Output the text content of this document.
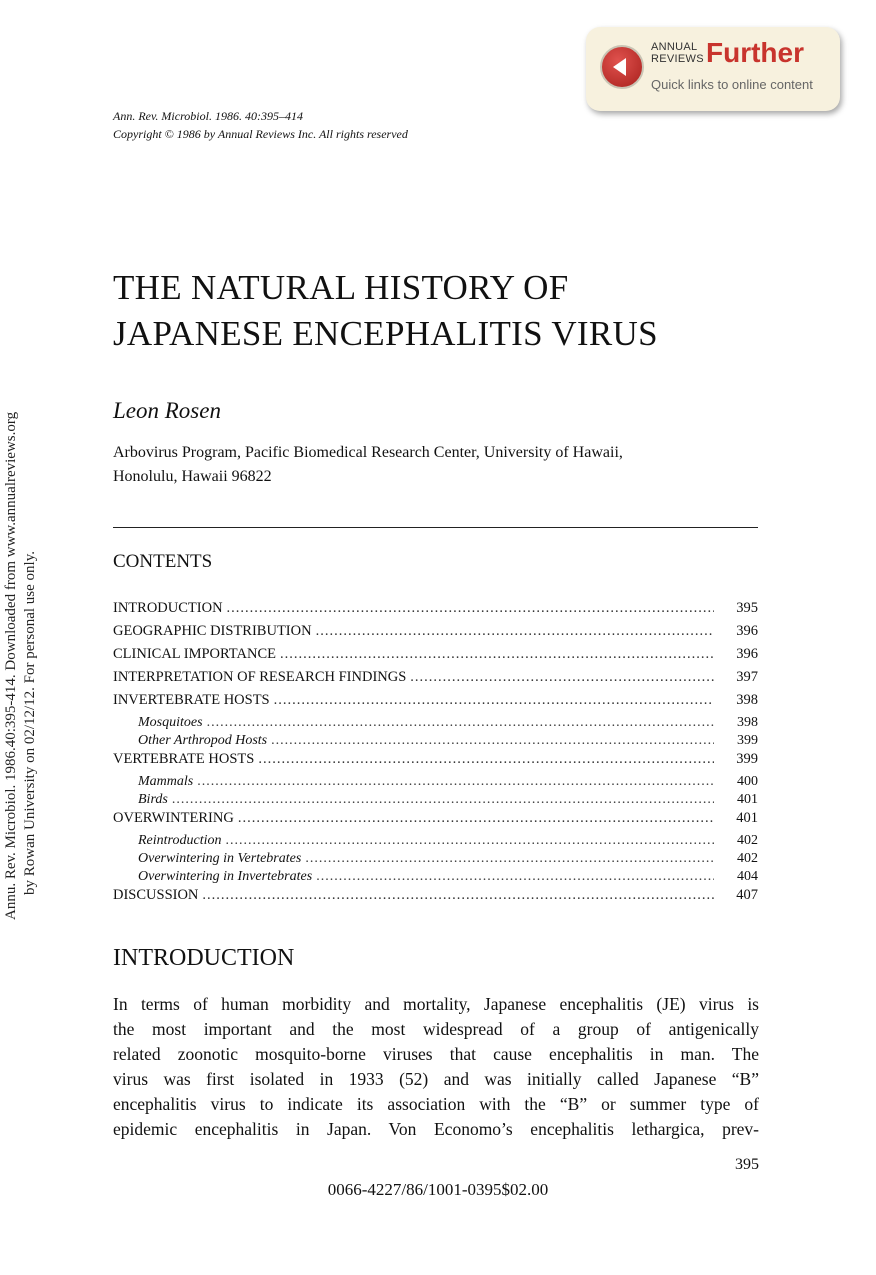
Annu. Rev. Microbiol. 1986.40:395-414. Downloaded from www.annualreviews.org by Rowan University on 02/12/12. For personal use only.
ANNUAL
REVIEWS Further
Quick links to online content
Ann. Rev. Microbiol. 1986. 40:395–414
Copyright © 1986 by Annual Reviews Inc. All rights reserved
THE NATURAL HISTORY OF
JAPANESE ENCEPHALITIS VIRUS
Leon Rosen
Arbovirus Program, Pacific Biomedical Research Center, University of Hawaii,
Honolulu, Hawaii 96822
CONTENTS
INTRODUCTION .....	395
GEOGRAPHIC DISTRIBUTION .....	396
CLINICAL IMPORTANCE .....	396
INTERPRETATION OF RESEARCH FINDINGS .....	397
INVERTEBRATE HOSTS .....	398
Mosquitoes .....	398
Other Arthropod Hosts .....	399
VERTEBRATE HOSTS .....	399
Mammals .....	400
Birds .....	401
OVERWINTERING .....	401
Reintroduction .....	402
Overwintering in Vertebrates .....	402
Overwintering in Invertebrates .....	404
DISCUSSION .....	407
INTRODUCTION
In terms of human morbidity and mortality, Japanese encephalitis (JE) virus is
the most important and the most widespread of a group of antigenically
related zoonotic mosquito-borne viruses that cause encephalitis in man. The
virus was first isolated in 1933 (52) and was initially called Japanese “B”
encephalitis virus to indicate its association with the “B” or summer type of
epidemic encephalitis in Japan. Von Economo’s encephalitis lethargica, prev-
395
0066-4227/86/1001-0395$02.00
